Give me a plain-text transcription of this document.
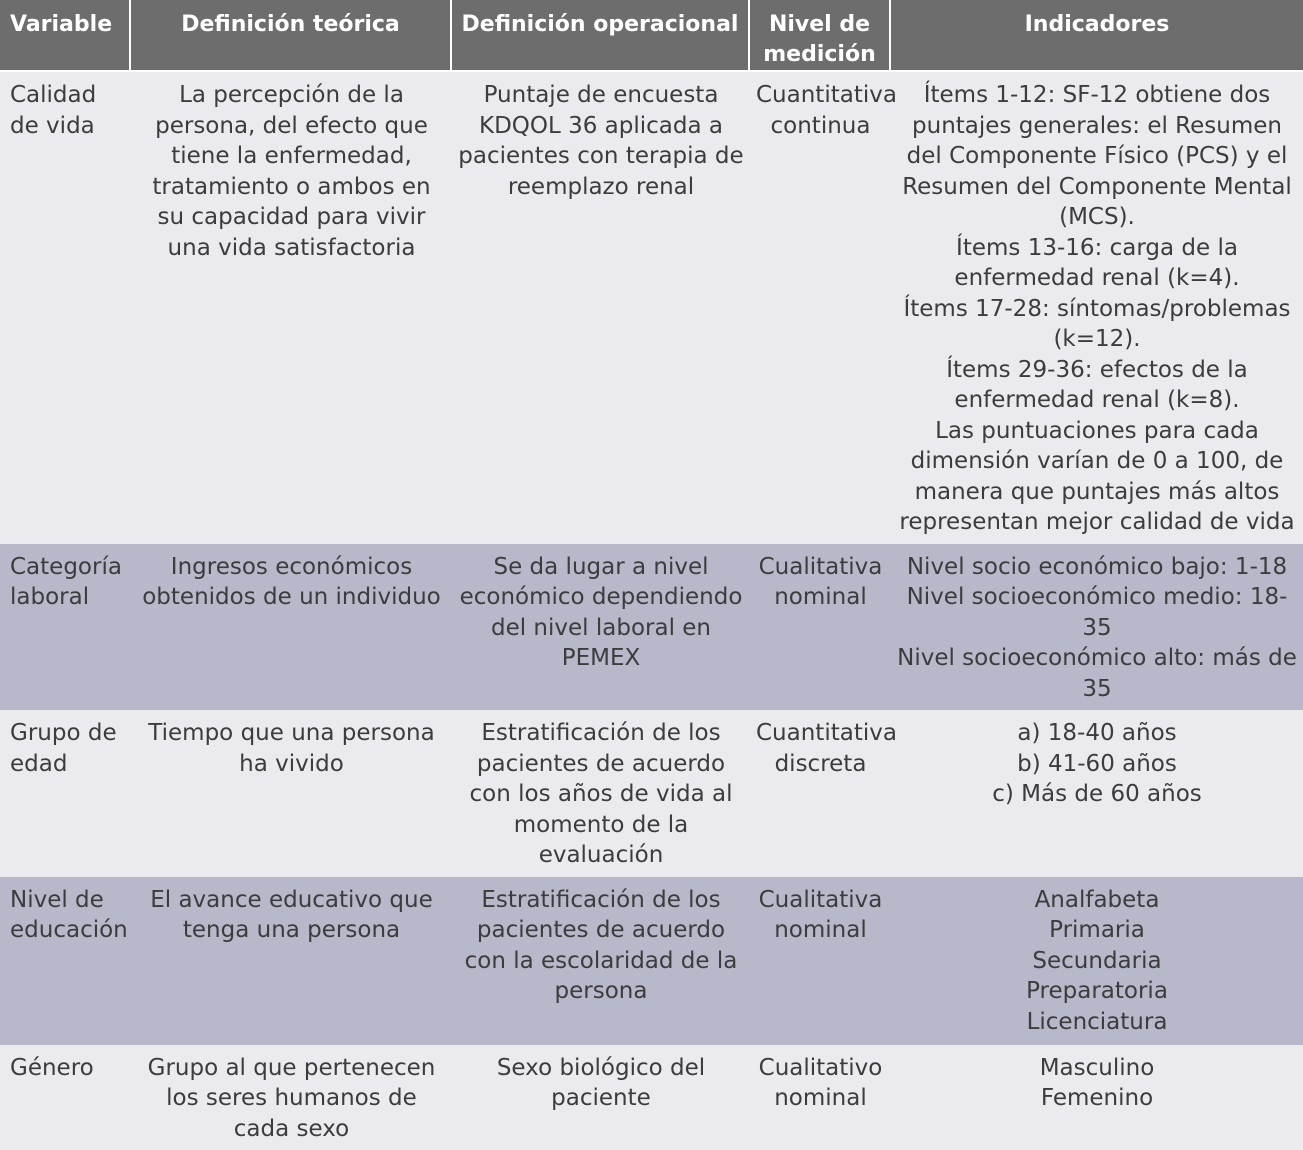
Variable	Definición teórica	Definición operacional	Nivel de medición	Indicadores
Calidad de vida	La percepción de la persona, del efecto que tiene la enfermedad, tratamiento o ambos en su capacidad para vivir una vida satisfactoria	Puntaje de encuesta KDQOL 36 aplicada a pacientes con terapia de reemplazo renal	Cuantitativa continua	Ítems 1-12: SF-12 obtiene dos puntajes generales: el Resumen del Componente Físico (PCS) y el Resumen del Componente Mental (MCS).
Ítems 13-16: carga de la enfermedad renal (k=4).
Ítems 17-28: síntomas/problemas (k=12).
Ítems 29-36: efectos de la enfermedad renal (k=8).
Las puntuaciones para cada dimensión varían de 0 a 100, de manera que puntajes más altos representan mejor calidad de vida

Categoría laboral	Ingresos económicos obtenidos de un individuo	Se da lugar a nivel económico dependiendo del nivel laboral en PEMEX	Cualitativa nominal	Nivel socio económico bajo: 1-18
Nivel socioeconómico medio: 18-35
Nivel socioeconómico alto: más de 35

Grupo de edad	Tiempo que una persona ha vivido	Estratificación de los pacientes de acuerdo con los años de vida al momento de la evaluación	Cuantitativa discreta	a) 18-40 años
b) 41-60 años
c) Más de 60 años

Nivel de educación	El avance educativo que tenga una persona	Estratificación de los pacientes de acuerdo con la escolaridad de la persona	Cualitativa nominal	Analfabeta
Primaria
Secundaria
Preparatoria
Licenciatura

Género	Grupo al que pertenecen los seres humanos de cada sexo	Sexo biológico del paciente	Cualitativo nominal	Masculino
Femenino
